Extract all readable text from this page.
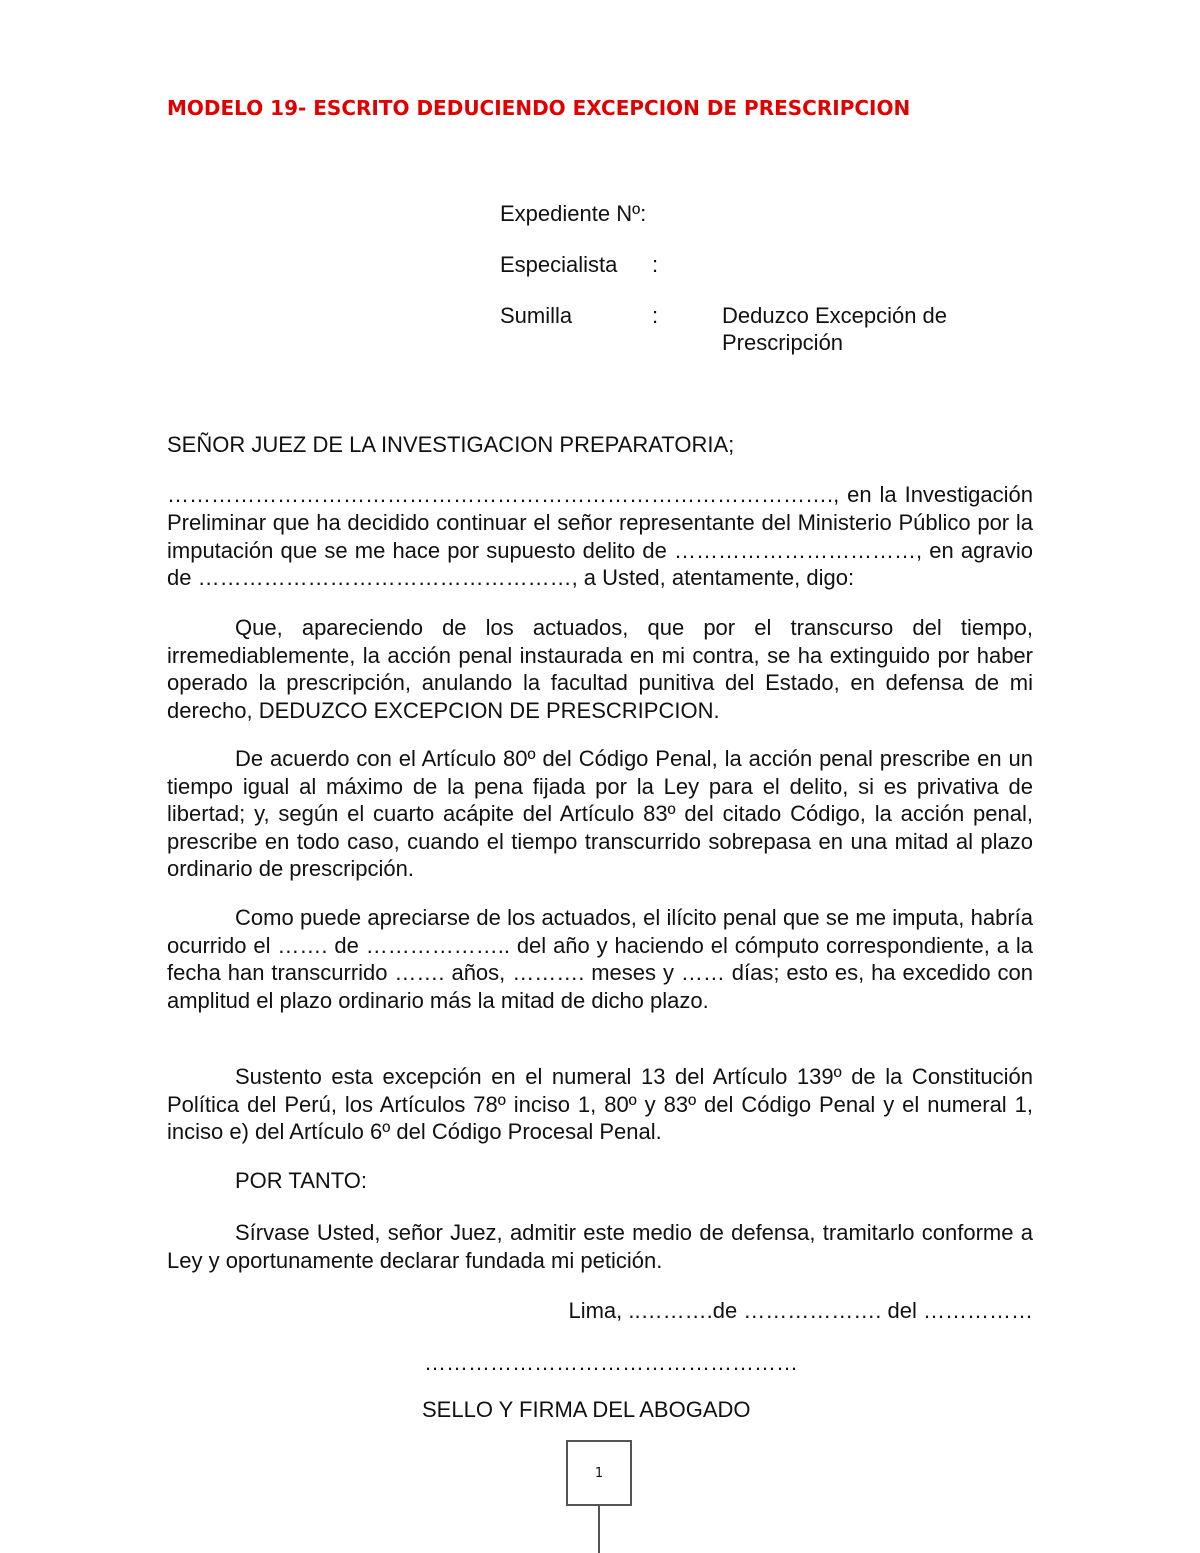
MODELO 19- ESCRITO DEDUCIENDO EXCEPCION DE PRESCRIPCION
Expediente Nº:
Especialista :
Sumilla	:	Deduzco Excepción de
Prescripción
SEÑOR JUEZ DE LA INVESTIGACION PREPARATORIA;
………………………………………………………………………………., en la Investigación
Preliminar que ha decidido continuar el señor representante del Ministerio Público por la imputación que se me hace por supuesto delito de ……………………………, en agravio de ……………………………………………, a Usted, atentamente, digo:
Que, apareciendo de los actuados, que por el transcurso del tiempo, irremediablemente, la acción penal instaurada en mi contra, se ha extinguido por haber operado la prescripción, anulando la facultad punitiva del Estado, en defensa de mi derecho, DEDUZCO EXCEPCION DE PRESCRIPCION.
De acuerdo con el Artículo 80º del Código Penal, la acción penal prescribe en un tiempo igual al máximo de la pena fijada por la Ley para el delito, si es privativa de libertad; y, según el cuarto acápite del Artículo 83º del citado Código, la acción penal, prescribe en todo caso, cuando el tiempo transcurrido sobrepasa en una mitad al plazo ordinario de prescripción.
Como puede apreciarse de los actuados, el ilícito penal que se me imputa, habría ocurrido el ……. de ……………….. del año y haciendo el cómputo correspondiente, a la fecha han transcurrido ……. años, ………. meses y …… días; esto es, ha excedido con amplitud el plazo ordinario más la mitad de dicho plazo.
Sustento esta excepción en el numeral 13 del Artículo 139º de la Constitución Política del Perú, los Artículos 78º inciso 1, 80º y 83º del Código Penal y el numeral 1, inciso e) del Artículo 6º del Código Procesal Penal.
POR TANTO:
Sírvase Usted, señor Juez, admitir este medio de defensa, tramitarlo conforme a Ley y oportunamente declarar fundada mi petición.
Lima, ..……….de ………………. del ……………
……………………………………………
SELLO Y FIRMA DEL ABOGADO
1
